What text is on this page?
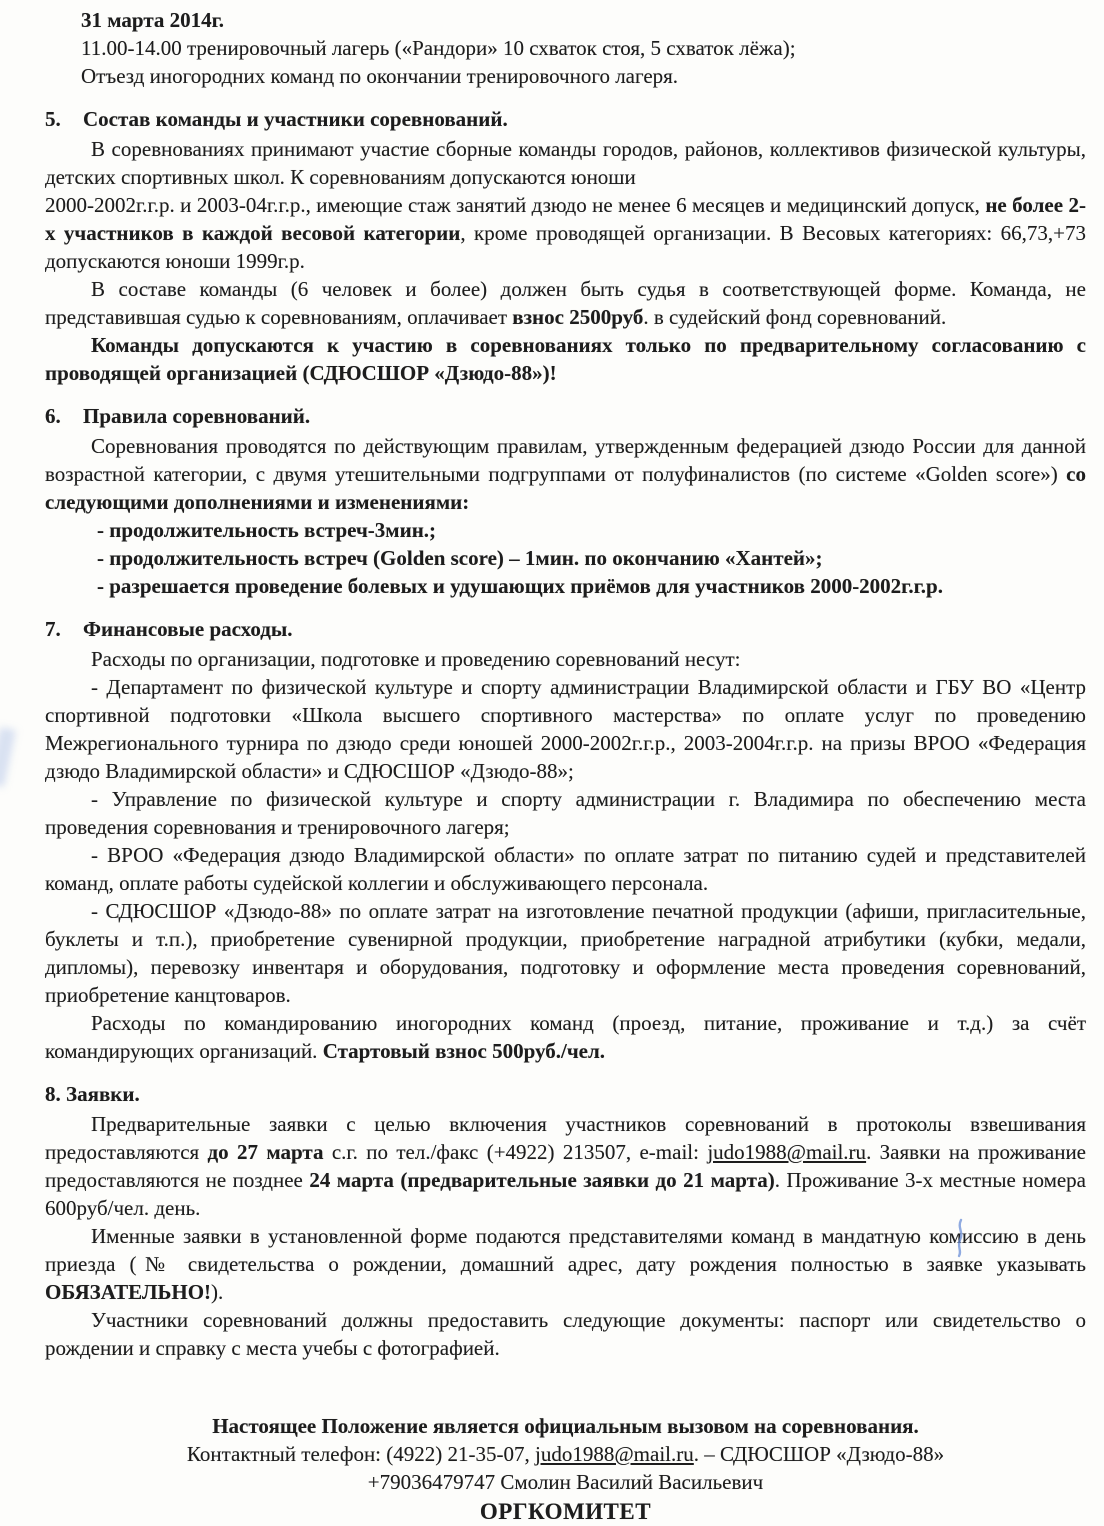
31 марта 2014г.
11.00-14.00 тренировочный лагерь («Рандори» 10 схваток стоя, 5 схваток лёжа);
Отъезд иногородних команд по окончании тренировочного лагеря.
5.	Состав команды и участники соревнований.

В соревнованиях принимают участие сборные команды городов, районов, коллективов физической культуры, детских спортивных школ. К соревнованиям допускаются юноши
2000-2002г.г.р. и 2003-04г.г.р., имеющие стаж занятий дзюдо не менее 6 месяцев и медицинский допуск, не более 2-х участников в каждой весовой категории, кроме проводящей организации. В Весовых категориях: 66,73,+73 допускаются юноши 1999г.р.

В составе команды (6 человек и более) должен быть судья в соответствующей форме. Команда, не представившая судью к соревнованиям, оплачивает взнос 2500руб. в судейский фонд соревнований.

Команды допускаются к участию в соревнованиях только по предварительному согласованию с проводящей организацией (СДЮСШОР «Дзюдо-88»)!

6.	Правила соревнований.

Соревнования проводятся по действующим правилам, утвержденным федерацией дзюдо России для данной возрастной категории, с двумя утешительными подгруппами от полуфиналистов (по системе «Golden score») со следующими дополнениями и изменениями:

- продолжительность встреч-3мин.;
- продолжительность встреч (Golden score) – 1мин. по окончанию «Хантей»;
- разрешается проведение болевых и удушающих приёмов для участников 2000-2002г.г.р.
7.	Финансовые расходы.

Расходы по организации, подготовке и проведению соревнований несут:

- Департамент по физической культуре и спорту администрации Владимирской области и ГБУ ВО «Центр спортивной подготовки «Школа высшего спортивного мастерства» по оплате услуг по проведению Межрегионального турнира по дзюдо среди юношей 2000-2002г.г.р., 2003-2004г.г.р. на призы ВРОО «Федерация дзюдо Владимирской области» и СДЮСШОР «Дзюдо-88»;

- Управление по физической культуре и спорту администрации г. Владимира по обеспечению места проведения соревнования и тренировочного лагеря;

- ВРОО «Федерация дзюдо Владимирской области» по оплате затрат по питанию судей и представителей команд, оплате работы судейской коллегии и обслуживающего персонала.

- СДЮСШОР «Дзюдо-88» по оплате затрат на изготовление печатной продукции (афиши, пригласительные, буклеты и т.п.), приобретение сувенирной продукции, приобретение наградной атрибутики (кубки, медали, дипломы), перевозку инвентаря и оборудования, подготовку и оформление места проведения соревнований, приобретение канцтоваров.

Расходы по командированию иногородних команд (проезд, питание, проживание и т.д.) за счёт командирующих организаций. Стартовый взнос 500руб./чел.

8. Заявки.

Предварительные заявки с целью включения участников соревнований в протоколы взвешивания предоставляются до 27 марта с.г. по тел./факс (+4922) 213507, e-mail: judo1988@mail.ru. Заявки на проживание предоставляются не позднее 24 марта (предварительные заявки до 21 марта). Проживание 3-х местные номера 600руб/чел. день.

Именные заявки в установленной форме подаются представителями команд в мандатную комиссию в день приезда (№ свидетельства о рождении, домашний адрес, дату рождения полностью в заявке указывать ОБЯЗАТЕЛЬНО!).

Участники соревнований должны предоставить следующие документы: паспорт или свидетельство о рождении и справку с места учебы с фотографией.

Настоящее Положение является официальным вызовом на соревнования.
Контактный телефон: (4922) 21-35-07, judo1988@mail.ru. – СДЮСШОР «Дзюдо-88»
+79036479747 Смолин Василий Васильевич
ОРГКОМИТЕТ
